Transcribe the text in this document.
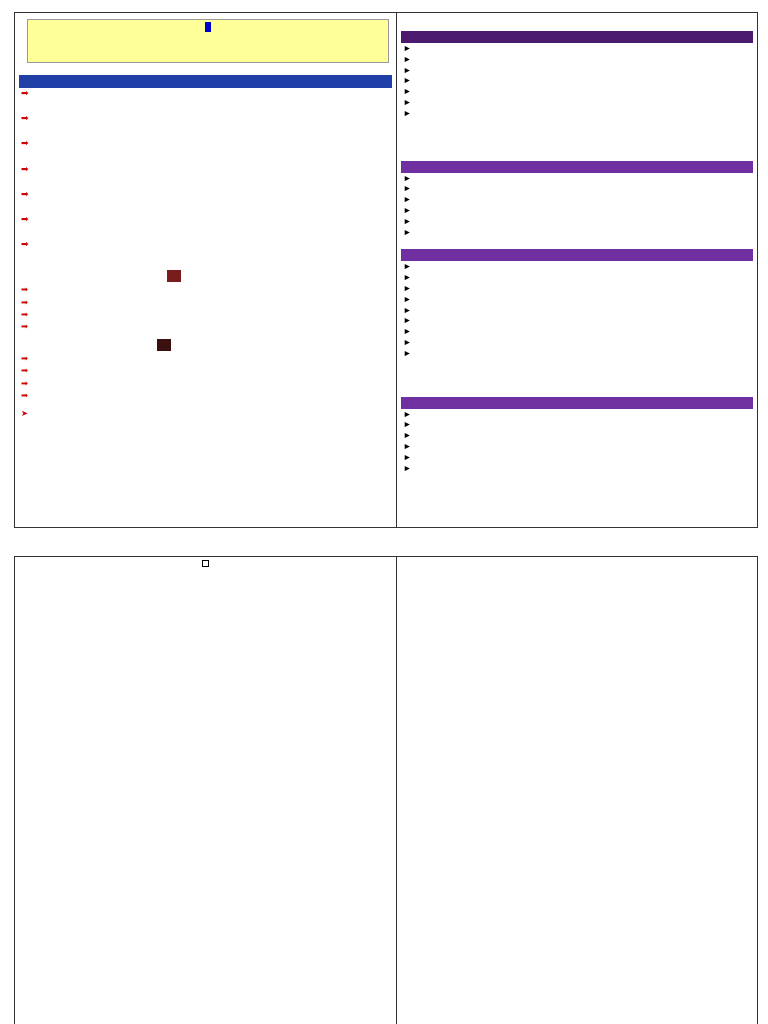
➡
➡
➡
➡
➡
➡
➡
➡
➡
➡
➡
➡
➡
➡
➡
➤
►
►
►
►
►
►
►
►
►
►
►
►
►
►
►
►
►
►
►
►
►
►
►
►
►
►
►
►
